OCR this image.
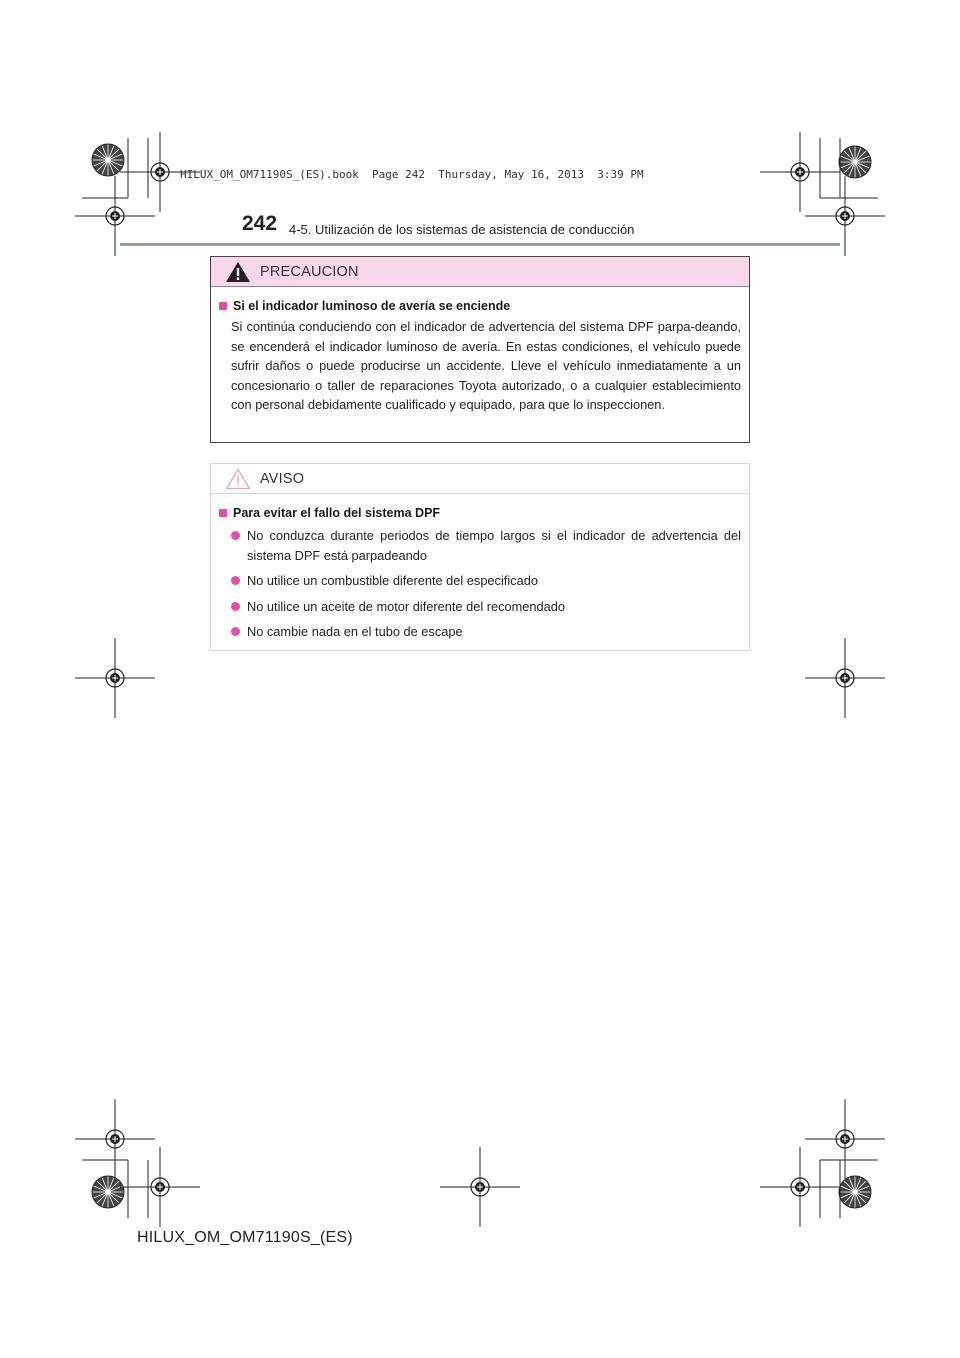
HILUX_OM_OM71190S_(ES).book  Page 242  Thursday, May 16, 2013  3:39 PM
242 4-5. Utilización de los sistemas de asistencia de conducción
PRECAUCION
Si el indicador luminoso de avería se enciende
Si continúa conduciendo con el indicador de advertencia del sistema DPF parpa-deando, se encenderá el indicador luminoso de avería. En estas condiciones, el vehículo puede sufrir daños o puede producirse un accidente. Lleve el vehículo inmediatamente a un concesionario o taller de reparaciones Toyota autorizado, o a cualquier establecimiento con personal debidamente cualificado y equipado, para que lo inspeccionen.
AVISO
Para evitar el fallo del sistema DPF
No conduzca durante periodos de tiempo largos si el indicador de advertencia del sistema DPF está parpadeando
No utilice un combustible diferente del especificado
No utilice un aceite de motor diferente del recomendado
No cambie nada en el tubo de escape
HILUX_OM_OM71190S_(ES)
